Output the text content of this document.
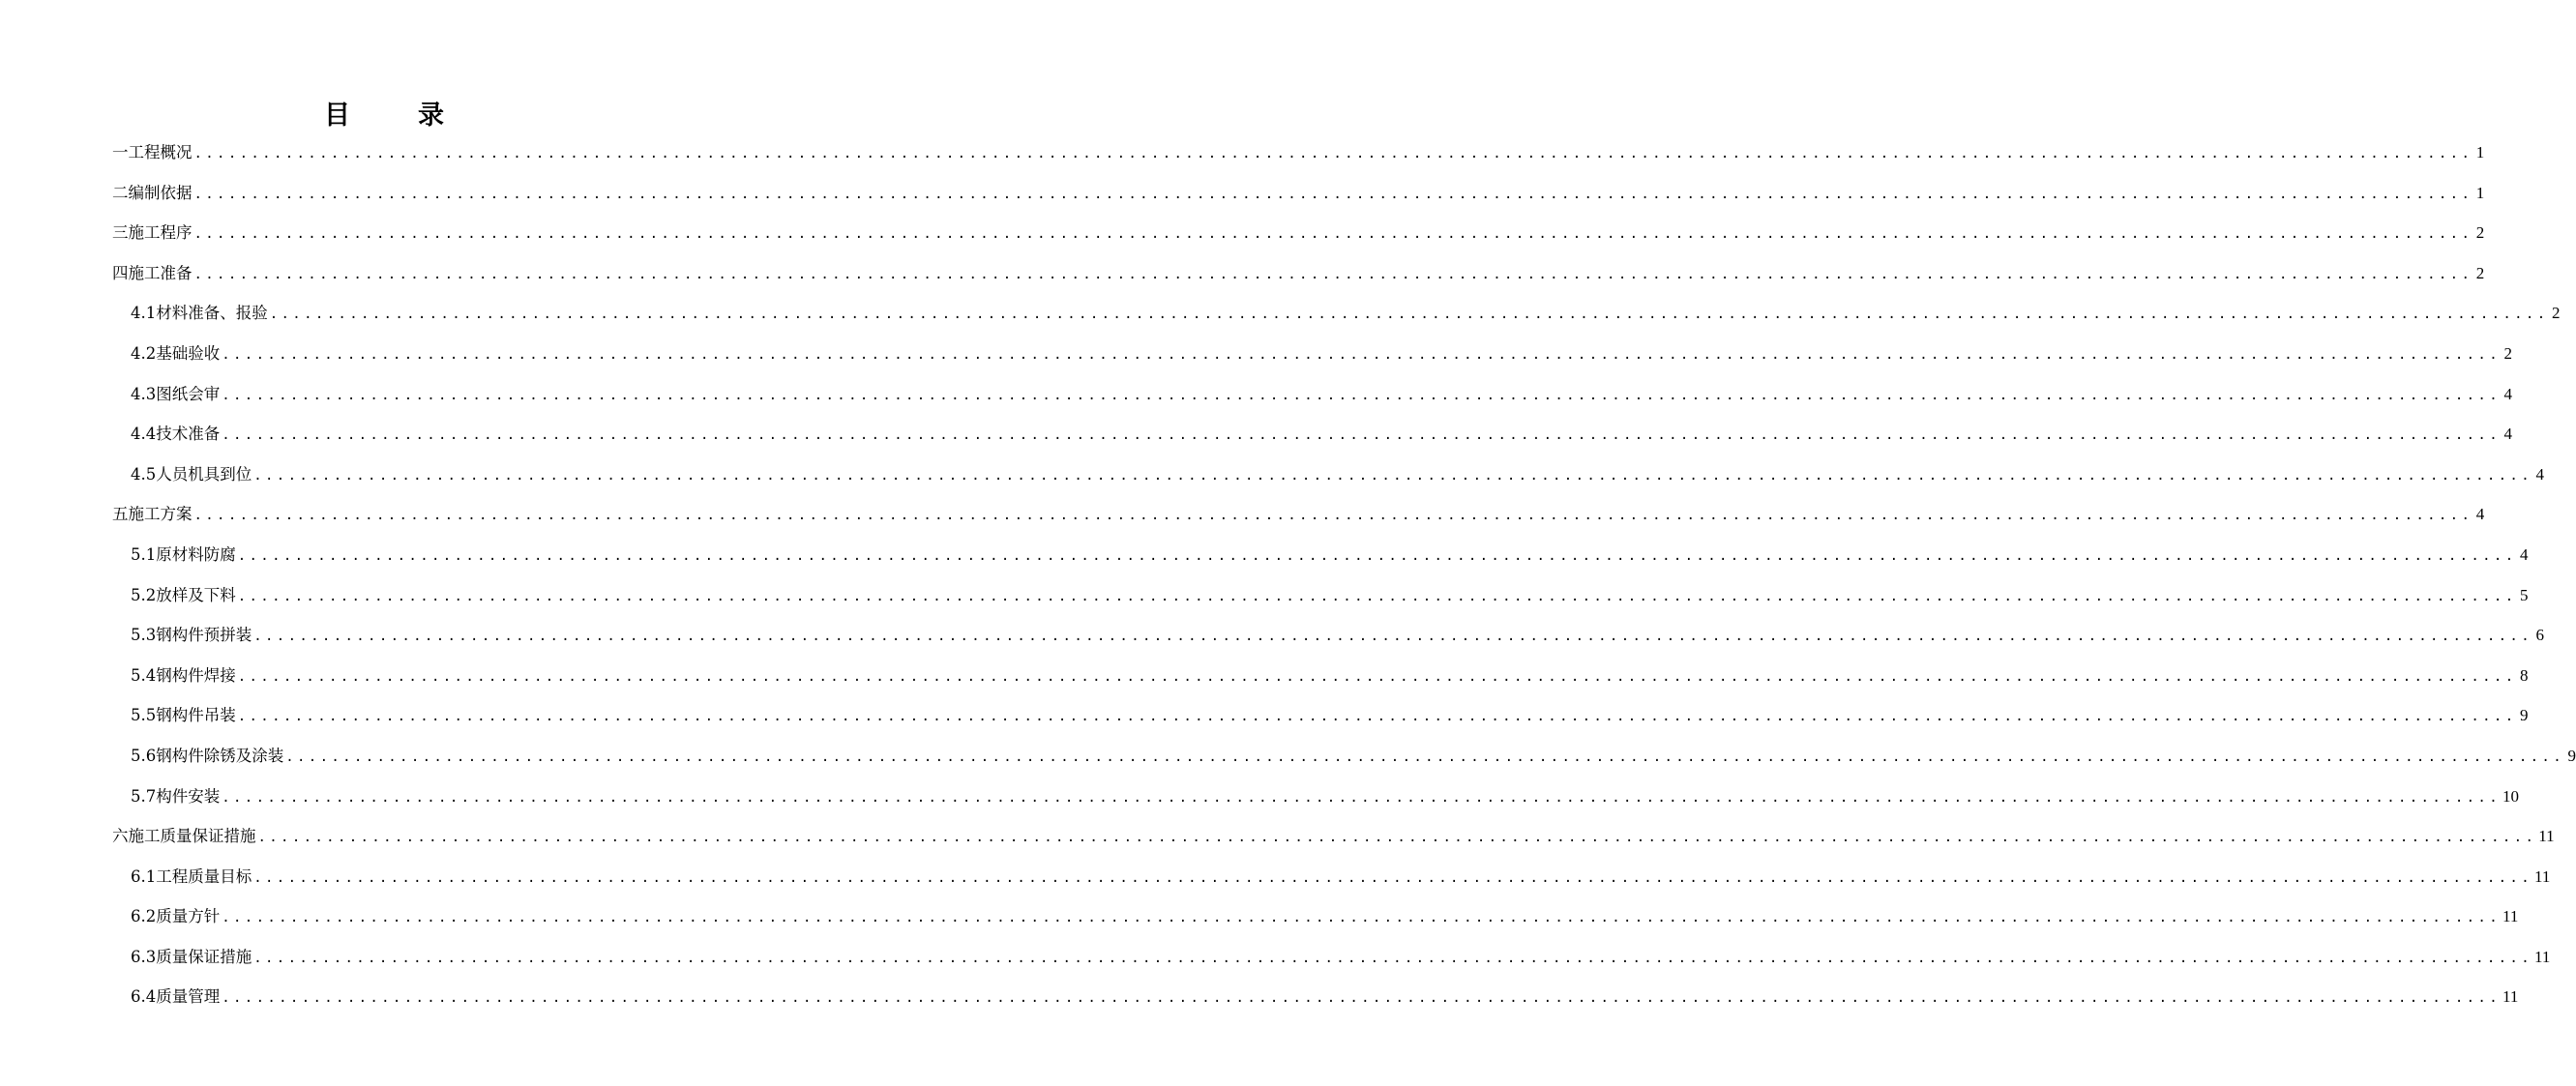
目	录
一 工程概况 ........................................................................................................................................................................................................ 1
二 编制依据 ........................................................................................................................................................................................................ 1
三 施工程序 ........................................................................................................................................................................................................ 2
四 施工准备 ........................................................................................................................................................................................................ 2
4.1 材料准备、报验 ........................................................................................................................................................................................................ 2
4.2 基础验收 ........................................................................................................................................................................................................ 2
4.3 图纸会审 ........................................................................................................................................................................................................ 4
4.4 技术准备 ........................................................................................................................................................................................................ 4
4.5 人员机具到位 ........................................................................................................................................................................................................ 4
五 施工方案 ........................................................................................................................................................................................................ 4
5.1 原材料防腐 ........................................................................................................................................................................................................ 4
5.2 放样及下料 ........................................................................................................................................................................................................ 5
5.3 钢构件预拼装 ........................................................................................................................................................................................................ 6
5.4 钢构件焊接 ........................................................................................................................................................................................................ 8
5.5 钢构件吊装 ........................................................................................................................................................................................................ 9
5.6 钢构件除锈及涂装 ........................................................................................................................................................................................................ 9
5.7 构件安装 ........................................................................................................................................................................................................ 10
六 施工质量保证措施 ........................................................................................................................................................................................................ 11
6.1 工程质量目标 ........................................................................................................................................................................................................ 11
6.2 质量方针 ........................................................................................................................................................................................................ 11
6.3 质量保证措施 ........................................................................................................................................................................................................ 11
6.4 质量管理 ........................................................................................................................................................................................................ 11
